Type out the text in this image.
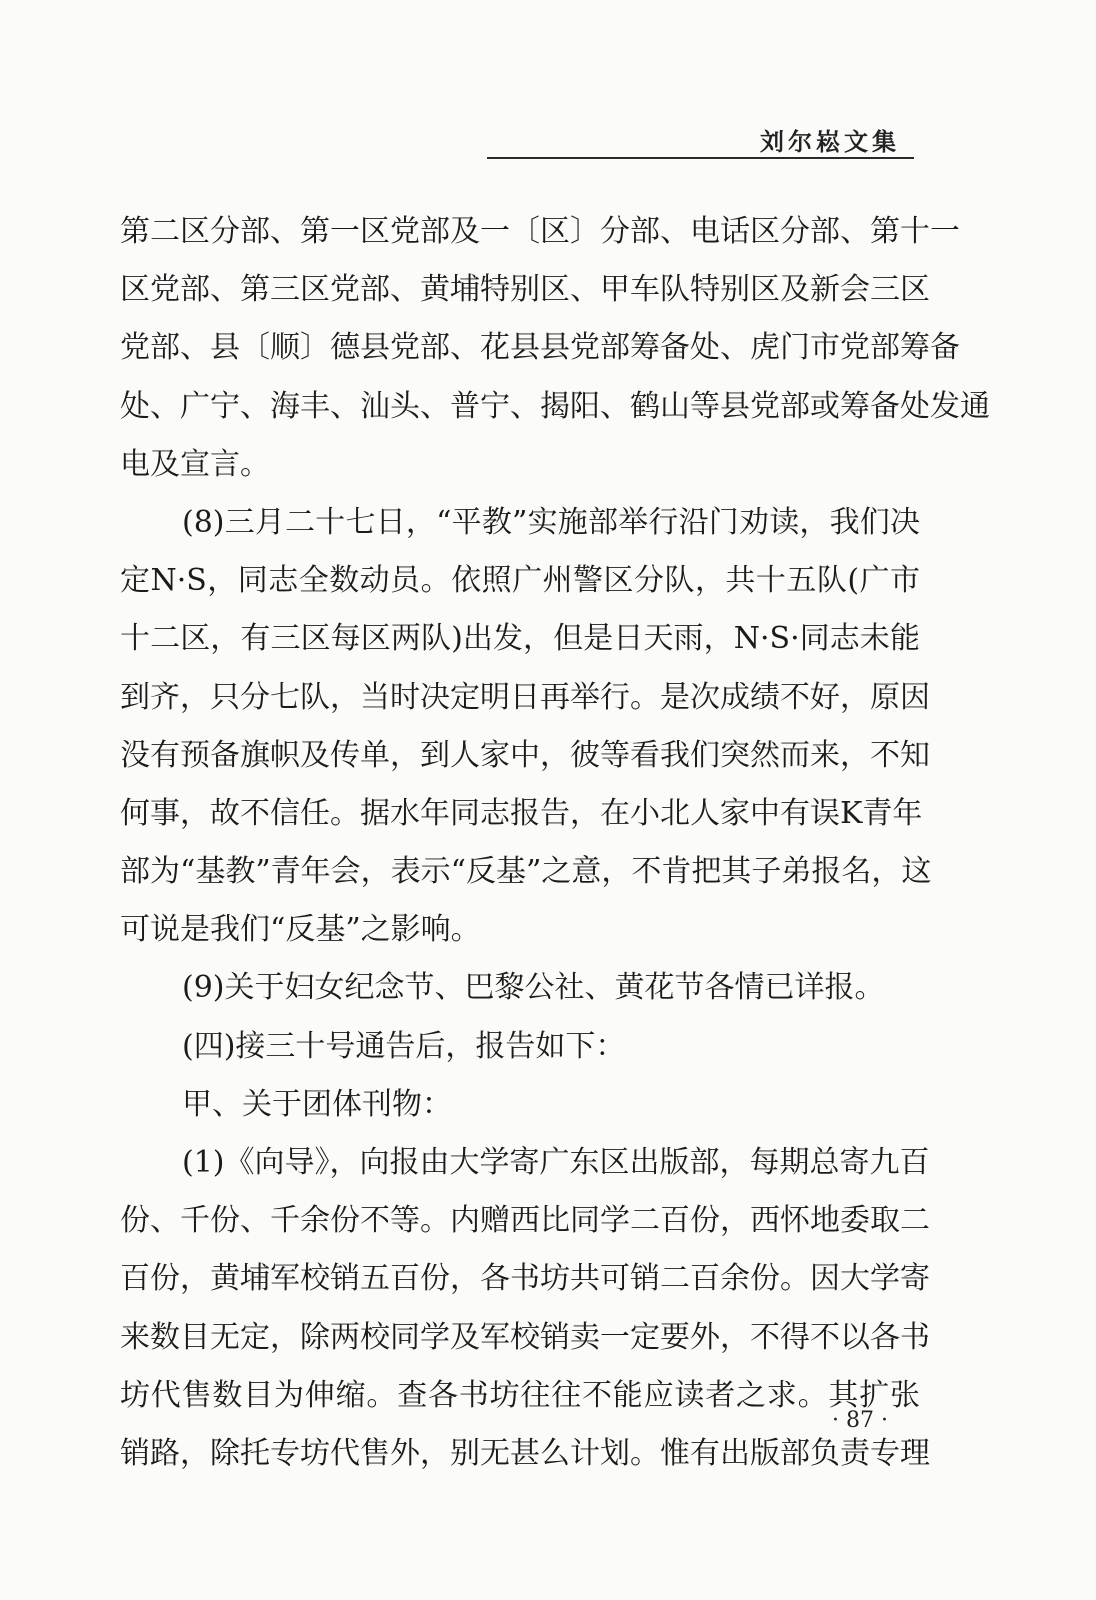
刘尔崧文集
第二区分部、第一区党部及一〔区〕分部、电话区分部、第十一
区党部、第三区党部、黄埔特别区、甲车队特别区及新会三区
党部、县〔顺〕德县党部、花县县党部筹备处、虎门市党部筹备
处、广宁、海丰、汕头、普宁、揭阳、鹤山等县党部或筹备处发通
电及宣言。
(8)三月二十七日，“平教”实施部举行沿门劝读，我们决
定N·S，同志全数动员。依照广州警区分队，共十五队(广市
十二区，有三区每区两队)出发，但是日天雨，N·S·同志未能
到齐，只分七队，当时决定明日再举行。是次成绩不好，原因
没有预备旗帜及传单，到人家中，彼等看我们突然而来，不知
何事，故不信任。据水年同志报告，在小北人家中有误K青年
部为“基教”青年会，表示“反基”之意，不肯把其子弟报名，这
可说是我们“反基”之影响。
(9)关于妇女纪念节、巴黎公社、黄花节各情已详报。
(四)接三十号通告后，报告如下：
甲、关于团体刊物：
(1)《向导》，向报由大学寄广东区出版部，每期总寄九百
份、千份、千余份不等。内赠西比同学二百份，西怀地委取二
百份，黄埔军校销五百份，各书坊共可销二百余份。因大学寄
来数目无定，除两校同学及军校销卖一定要外，不得不以各书
坊代售数目为伸缩。查各书坊往往不能应读者之求。其扩张
销路，除托专坊代售外，别无甚么计划。惟有出版部负责专理
· 87 ·
